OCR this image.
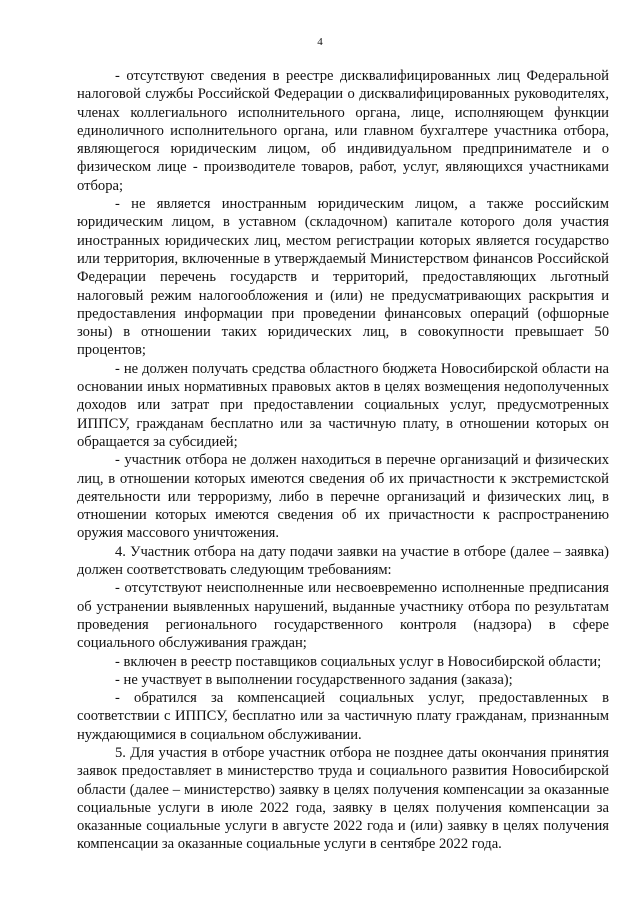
4

- отсутствуют сведения в реестре дисквалифицированных лиц Федеральной налоговой службы Российской Федерации о дисквалифицированных руководителях, членах коллегиального исполнительного органа, лице, исполняющем функции единоличного исполнительного органа, или главном бухгалтере участника отбора, являющегося юридическим лицом, об индивидуальном предпринимателе и о физическом лице - производителе товаров, работ, услуг, являющихся участниками отбора;

- не является иностранным юридическим лицом, а также российским юридическим лицом, в уставном (складочном) капитале которого доля участия иностранных юридических лиц, местом регистрации которых является государство или территория, включенные в утверждаемый Министерством финансов Российской Федерации перечень государств и территорий, предоставляющих льготный налоговый режим налогообложения и (или) не предусматривающих раскрытия и предоставления информации при проведении финансовых операций (офшорные зоны) в отношении таких юридических лиц, в совокупности превышает 50 процентов;

- не должен получать средства областного бюджета Новосибирской области на основании иных нормативных правовых актов в целях возмещения недополученных доходов или затрат при предоставлении социальных услуг, предусмотренных ИППСУ, гражданам бесплатно или за частичную плату, в отношении которых он обращается за субсидией;

- участник отбора не должен находиться в перечне организаций и физических лиц, в отношении которых имеются сведения об их причастности к экстремистской деятельности или терроризму, либо в перечне организаций и физических лиц, в отношении которых имеются сведения об их причастности к распространению оружия массового уничтожения.

4. Участник отбора на дату подачи заявки на участие в отборе (далее – заявка) должен соответствовать следующим требованиям:

- отсутствуют неисполненные или несвоевременно исполненные предписания об устранении выявленных нарушений, выданные участнику отбора по результатам проведения регионального государственного контроля (надзора) в сфере социального обслуживания граждан;

- включен в реестр поставщиков социальных услуг в Новосибирской области;

- не участвует в выполнении государственного задания (заказа);

- обратился за компенсацией социальных услуг, предоставленных в соответствии с ИППСУ, бесплатно или за частичную плату гражданам, признанным нуждающимися в социальном обслуживании.

5. Для участия в отборе участник отбора не позднее даты окончания принятия заявок предоставляет в министерство труда и социального развития Новосибирской области (далее – министерство) заявку в целях получения компенсации за оказанные социальные услуги в июле 2022 года, заявку в целях получения компенсации за оказанные социальные услуги в августе 2022 года и (или) заявку в целях получения компенсации за оказанные социальные услуги в сентябре 2022 года.
